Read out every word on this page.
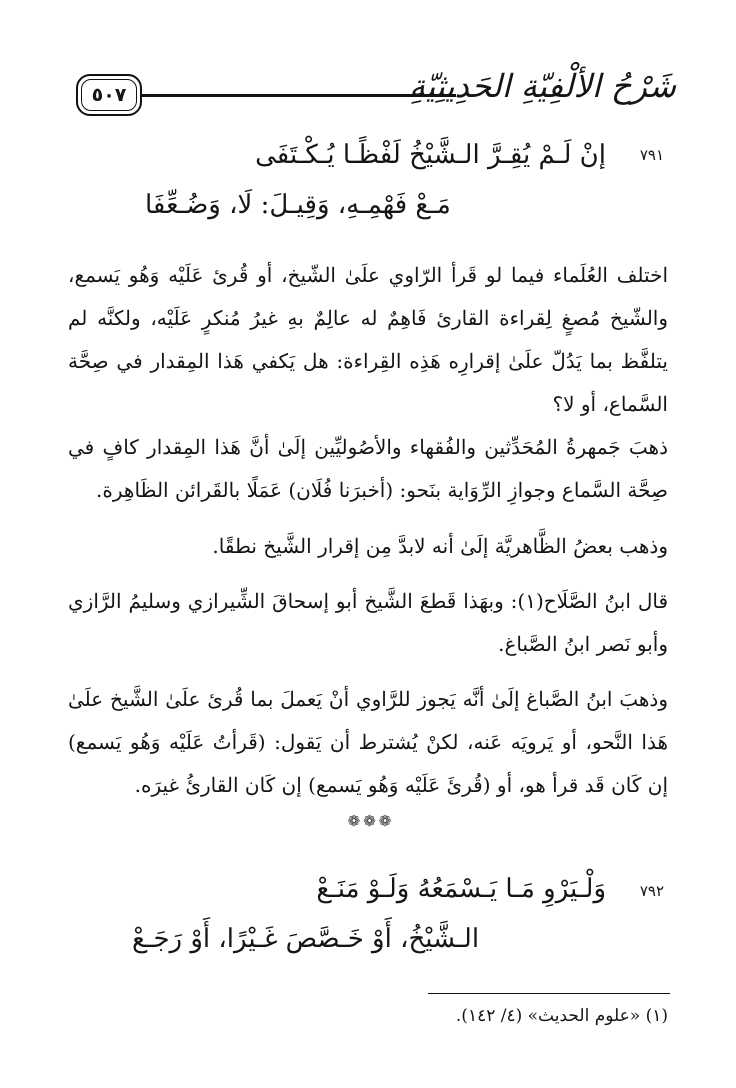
٥٠٧	شَرْحُ الألْفِيّةِ الحَدِيثِيّةِ
٧٩١
إنْ لَـمْ يُقِـرَّ الـشَّيْخُ لَفْظًـا يُـكْـتَفَى
مَـعْ فَهْمِـهِ، وَقِيـلَ: لَا، وَضُـعِّفَا

اختلف العُلَماء فيما لو قَرأ الرّاوي علَىٰ الشّيخ، أو قُرئ عَلَيْه وَهُو يَسمع، والشّيخ مُصغٍ لِقراءة القارئ فَاهِمٌ له عالِمٌ بهِ غيرُ مُنكرٍ عَلَيْه، ولكنَّه لم يتلفَّظ بما يَدُلّ علَىٰ إقرارِه هَذِه القِراءة: هل يَكفي هَذا المِقدار في صِحَّة السَّماع، أو لا؟

ذهبَ جَمهرةُ المُحَدِّثين والفُقهاء والأصُوليِّين إلَىٰ أنَّ هَذا المِقدار كافٍ في صِحَّة السَّماع وجوازِ الرِّوَاية بنَحو: (أخبرَنا فُلَان) عَمَلًا بالقَرائن الظَاهِرة.

وذهب بعضُ الظَّاهريَّة إلَىٰ أنه لابدَّ مِن إقرار الشَّيخ نطقًا.

قال ابنُ الصَّلَاح(١): وبهَذا قَطعَ الشَّيخ أبو إسحاقَ الشِّيرازي وسليمُ الرَّازي وأبو نَصر ابنُ الصَّباغ.

وذهبَ ابنُ الصَّباغ إلَىٰ أنَّه يَجوز للرَّاوي أنْ يَعملَ بما قُرئ علَىٰ الشَّيخ علَىٰ هَذا النَّحو، أو يَرويَه عَنه، لكنْ يُشترط أن يَقول: (قَرأتُ عَلَيْه وَهُو يَسمع) إن كَان قَد قرأ هو، أو (قُرئَ عَلَيْه وَهُو يَسمع) إن كَان القارئُ غيرَه.

❁❁❁
٧٩٢
وَلْـيَرْوِ مَـا يَـسْمَعُهُ وَلَـوْ مَنَـعْ
الـشَّيْخُ، أَوْ خَـصَّصَ غَـيْرًا، أَوْ رَجَـعْ
(١) «علوم الحديث» (٤/ ١٤٢).
